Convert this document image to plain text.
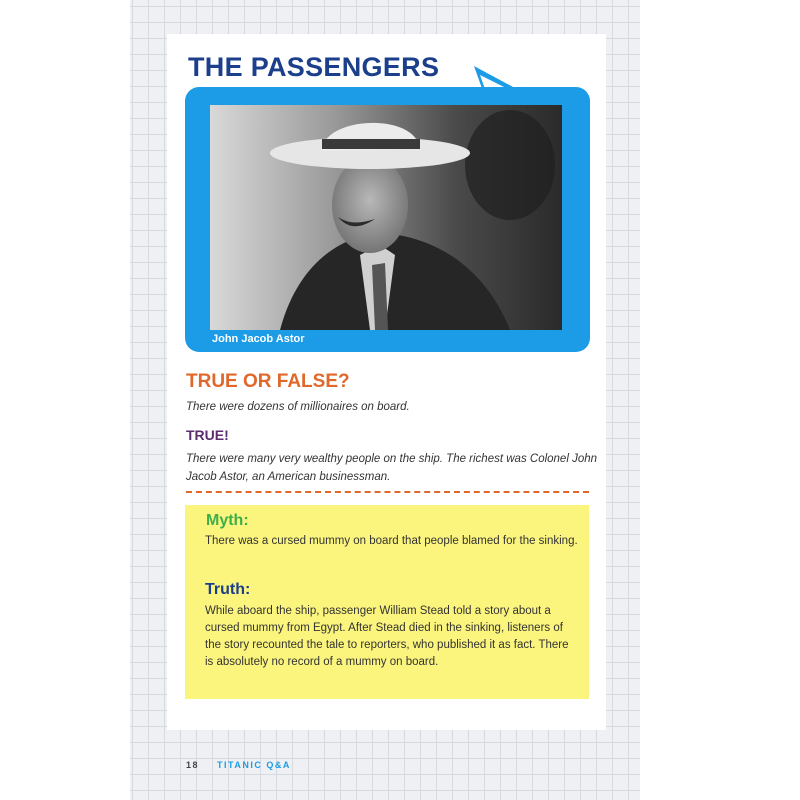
THE PASSENGERS
John Jacob Astor
TRUE OR FALSE?
There were dozens of millionaires on board.
TRUE!
There were many very wealthy people on the ship. The richest was Colonel John Jacob Astor, an American businessman.
Myth:
There was a cursed mummy on board that people blamed for the sinking.
Truth:
While aboard the ship, passenger William Stead told a story about a cursed mummy from Egypt. After Stead died in the sinking, listeners of the story recounted the tale to reporters, who published it as fact. There is absolutely no record of a mummy on board.
18 TITANIC Q&A
